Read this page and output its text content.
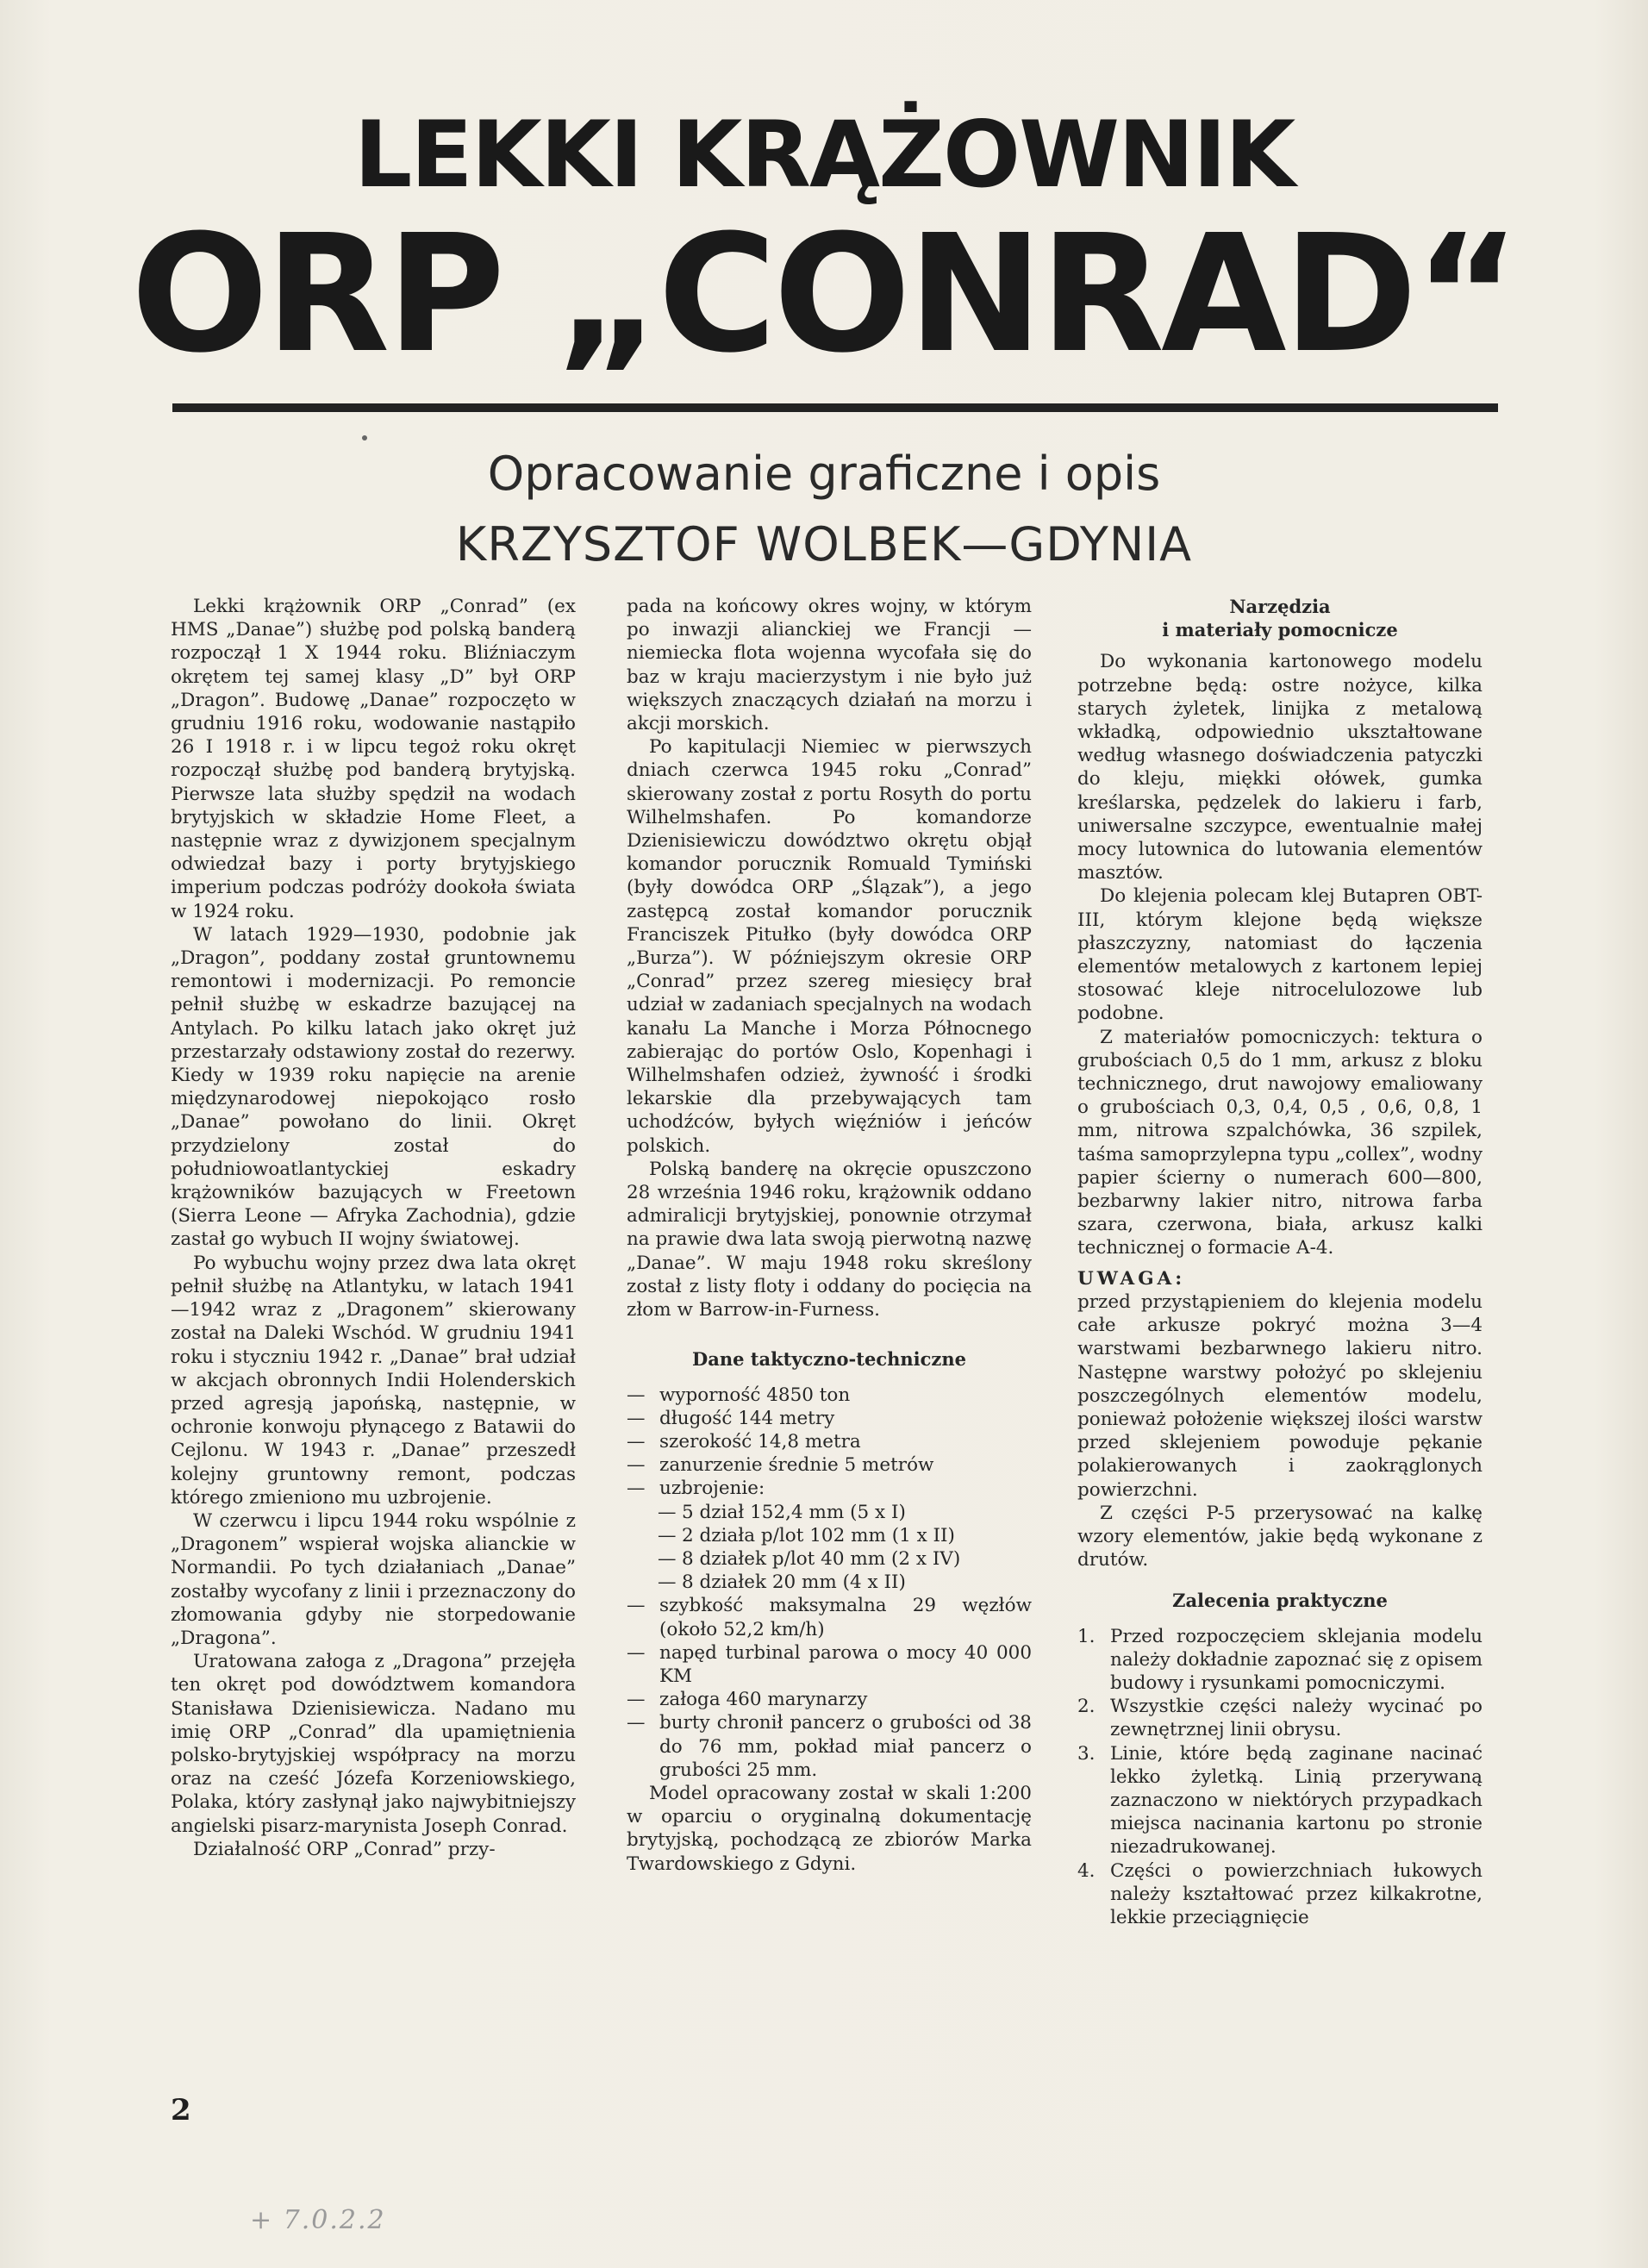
LEKKI KRĄŻOWNIK
ORP „CONRAD“
Opracowanie graficzne i opis
KRZYSZTOF WOLBEK—GDYNIA

Lekki krążownik ORP „Conrad” (ex HMS „Danae”) służbę pod polską banderą rozpoczął 1 X 1944 roku. Bliźniaczym okrętem tej samej klasy „D” był ORP „Dragon”. Budowę „Danae” rozpoczęto w grudniu 1916 roku, wodowanie nastąpiło 26 I 1918 r. i w lipcu tegoż roku okręt rozpoczął służbę pod banderą brytyjską. Pierwsze lata służby spędził na wodach brytyjskich w składzie Home Fleet, a następnie wraz z dywizjonem specjalnym odwiedzał bazy i porty brytyjskiego imperium podczas podróży dookoła świata w 1924 roku.

W latach 1929—1930, podobnie jak „Dragon”, poddany został gruntownemu remontowi i modernizacji. Po remoncie pełnił służbę w eskadrze bazującej na Antylach. Po kilku latach jako okręt już przestarzały odstawiony został do rezerwy. Kiedy w 1939 roku napięcie na arenie międzynarodowej niepokojąco rosło „Danae” powołano do linii. Okręt przydzielony został do południowoatlantyckiej eskadry krążowników bazujących w Freetown (Sierra Leone — Afryka Zachodnia), gdzie zastał go wybuch II wojny światowej.

Po wybuchu wojny przez dwa lata okręt pełnił służbę na Atlantyku, w latach 1941—1942 wraz z „Dragonem” skierowany został na Daleki Wschód. W grudniu 1941 roku i styczniu 1942 r. „Danae” brał udział w akcjach obronnych Indii Holenderskich przed agresją japońską, następnie, w ochronie konwoju płynącego z Batawii do Cejlonu. W 1943 r. „Danae” przeszedł kolejny gruntowny remont, podczas którego zmieniono mu uzbrojenie.

W czerwcu i lipcu 1944 roku wspólnie z „Dragonem” wspierał wojska alianckie w Normandii. Po tych działaniach „Danae” zostałby wycofany z linii i przeznaczony do złomowania gdyby nie storpedowanie „Dragona”.

Uratowana załoga z „Dragona” przejęła ten okręt pod dowództwem komandora Stanisława Dzienisiewicza. Nadano mu imię ORP „Conrad” dla upamiętnienia polsko-brytyjskiej współpracy na morzu oraz na cześć Józefa Korzeniowskiego, Polaka, który zasłynął jako najwybitniejszy angielski pisarz-marynista Joseph Conrad.

Działalność ORP „Conrad” przy-

pada na końcowy okres wojny, w którym po inwazji alianckiej we Francji — niemiecka flota wojenna wycofała się do baz w kraju macierzystym i nie było już większych znaczących działań na morzu i akcji morskich.

Po kapitulacji Niemiec w pierwszych dniach czerwca 1945 roku „Conrad” skierowany został z portu Rosyth do portu Wilhelmshafen. Po komandorze Dzienisiewiczu dowództwo okrętu objął komandor porucznik Romuald Tymiński (były dowódca ORP „Ślązak”), a jego zastępcą został komandor porucznik Franciszek Pitułko (były dowódca ORP „Burza”). W późniejszym okresie ORP „Conrad” przez szereg miesięcy brał udział w zadaniach specjalnych na wodach kanału La Manche i Morza Północnego zabierając do portów Oslo, Kopenhagi i Wilhelmshafen odzież, żywność i środki lekarskie dla przebywających tam uchodźców, byłych więźniów i jeńców polskich.

Polską banderę na okręcie opuszczono 28 września 1946 roku, krążownik oddano admiralicji brytyjskiej, ponownie otrzymał na prawie dwa lata swoją pierwotną nazwę „Danae”. W maju 1948 roku skreślony został z listy floty i oddany do pocięcia na złom w Barrow-in-Furness.

Dane taktyczno-techniczne
— wyporność 4850 ton
— długość 144 metry
— szerokość 14,8 metra
— zanurzenie średnie 5 metrów
— uzbrojenie:
— 5 dział 152,4 mm (5 x I)
— 2 działa p/lot 102 mm (1 x II)
— 8 działek p/lot 40 mm (2 x IV)
— 8 działek 20 mm (4 x II)
— szybkość maksymalna 29 węzłów (około 52,2 km/h)
— napęd turbinal parowa o mocy 40 000 KM
— załoga 460 marynarzy
— burty chronił pancerz o grubości od 38 do 76 mm, pokład miał pancerz o grubości 25 mm.

Model opracowany został w skali 1:200 w oparciu o oryginalną dokumentację brytyjską, pochodzącą ze zbiorów Marka Twardowskiego z Gdyni.

Narzędzia
i materiały pomocnicze

Do wykonania kartonowego modelu potrzebne będą: ostre nożyce, kilka starych żyletek, linijka z metalową wkładką, odpowiednio ukształtowane według własnego doświadczenia patyczki do kleju, miękki ołówek, gumka kreślarska, pędzelek do lakieru i farb, uniwersalne szczypce, ewentualnie małej mocy lutownica do lutowania elementów masztów.

Do klejenia polecam klej Butapren OBT-III, którym klejone będą większe płaszczyzny, natomiast do łączenia elementów metalowych z kartonem lepiej stosować kleje nitrocelulozowe lub podobne.

Z materiałów pomocniczych: tektura o grubościach 0,5 do 1 mm, arkusz z bloku technicznego, drut nawojowy emaliowany o grubościach 0,3, 0,4, 0,5 , 0,6, 0,8, 1 mm, nitrowa szpalchówka, 36 szpilek, taśma samoprzylepna typu „collex”, wodny papier ścierny o numerach 600—800, bezbarwny lakier nitro, nitrowa farba szara, czerwona, biała, arkusz kalki technicznej o formacie A-4.

UWAGA:

przed przystąpieniem do klejenia modelu całe arkusze pokryć można 3—4 warstwami bezbarwnego lakieru nitro. Następne warstwy położyć po sklejeniu poszczególnych elementów modelu, ponieważ położenie większej ilości warstw przed sklejeniem powoduje pękanie polakierowanych i zaokrąglonych powierzchni.

Z części P-5 przerysować na kalkę wzory elementów, jakie będą wykonane z drutów.

Zalecenia praktyczne
1. Przed rozpoczęciem sklejania modelu należy dokładnie zapoznać się z opisem budowy i rysunkami pomocniczymi.
2. Wszystkie części należy wycinać po zewnętrznej linii obrysu.
3. Linie, które będą zaginane nacinać lekko żyletką. Linią przerywaną zaznaczono w niektórych przypadkach miejsca nacinania kartonu po stronie niezadrukowanej.
4. Części o powierzchniach łukowych należy kształtować przez kilkakrotne, lekkie przeciągnięcie
2
+ 7.0.2.2
